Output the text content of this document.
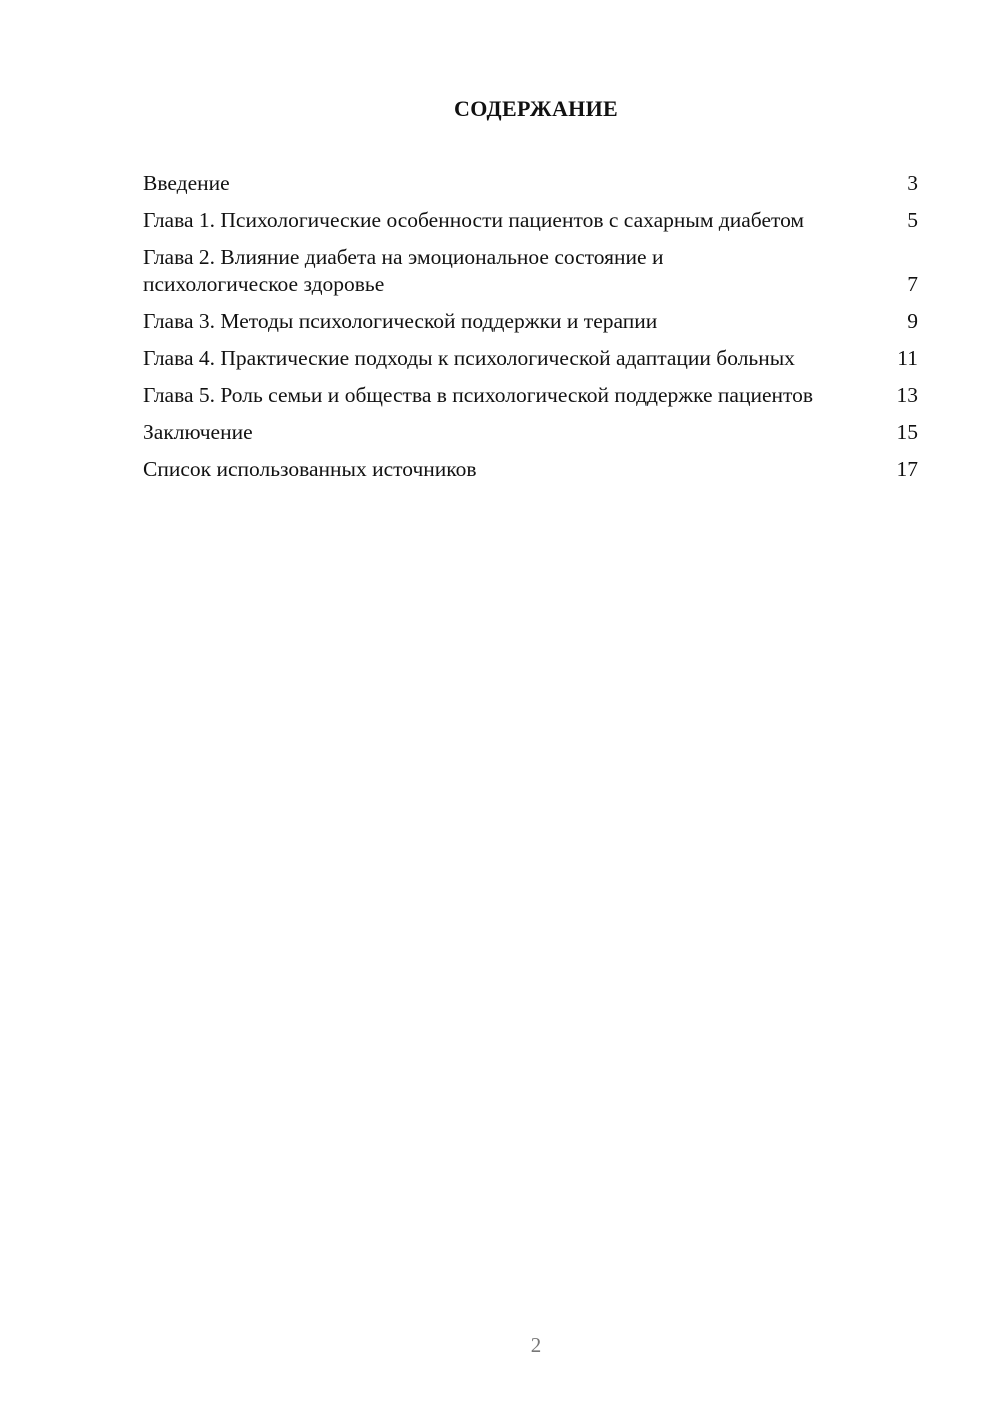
СОДЕРЖАНИЕ
Введение	3
Глава 1. Психологические особенности пациентов с сахарным диабетом	5
Глава 2. Влияние диабета на эмоциональное состояние и психологическое здоровье	7
Глава 3. Методы психологической поддержки и терапии	9
Глава 4. Практические подходы к психологической адаптации больных	11
Глава 5. Роль семьи и общества в психологической поддержке пациентов	13
Заключение	15
Список использованных источников	17
2
